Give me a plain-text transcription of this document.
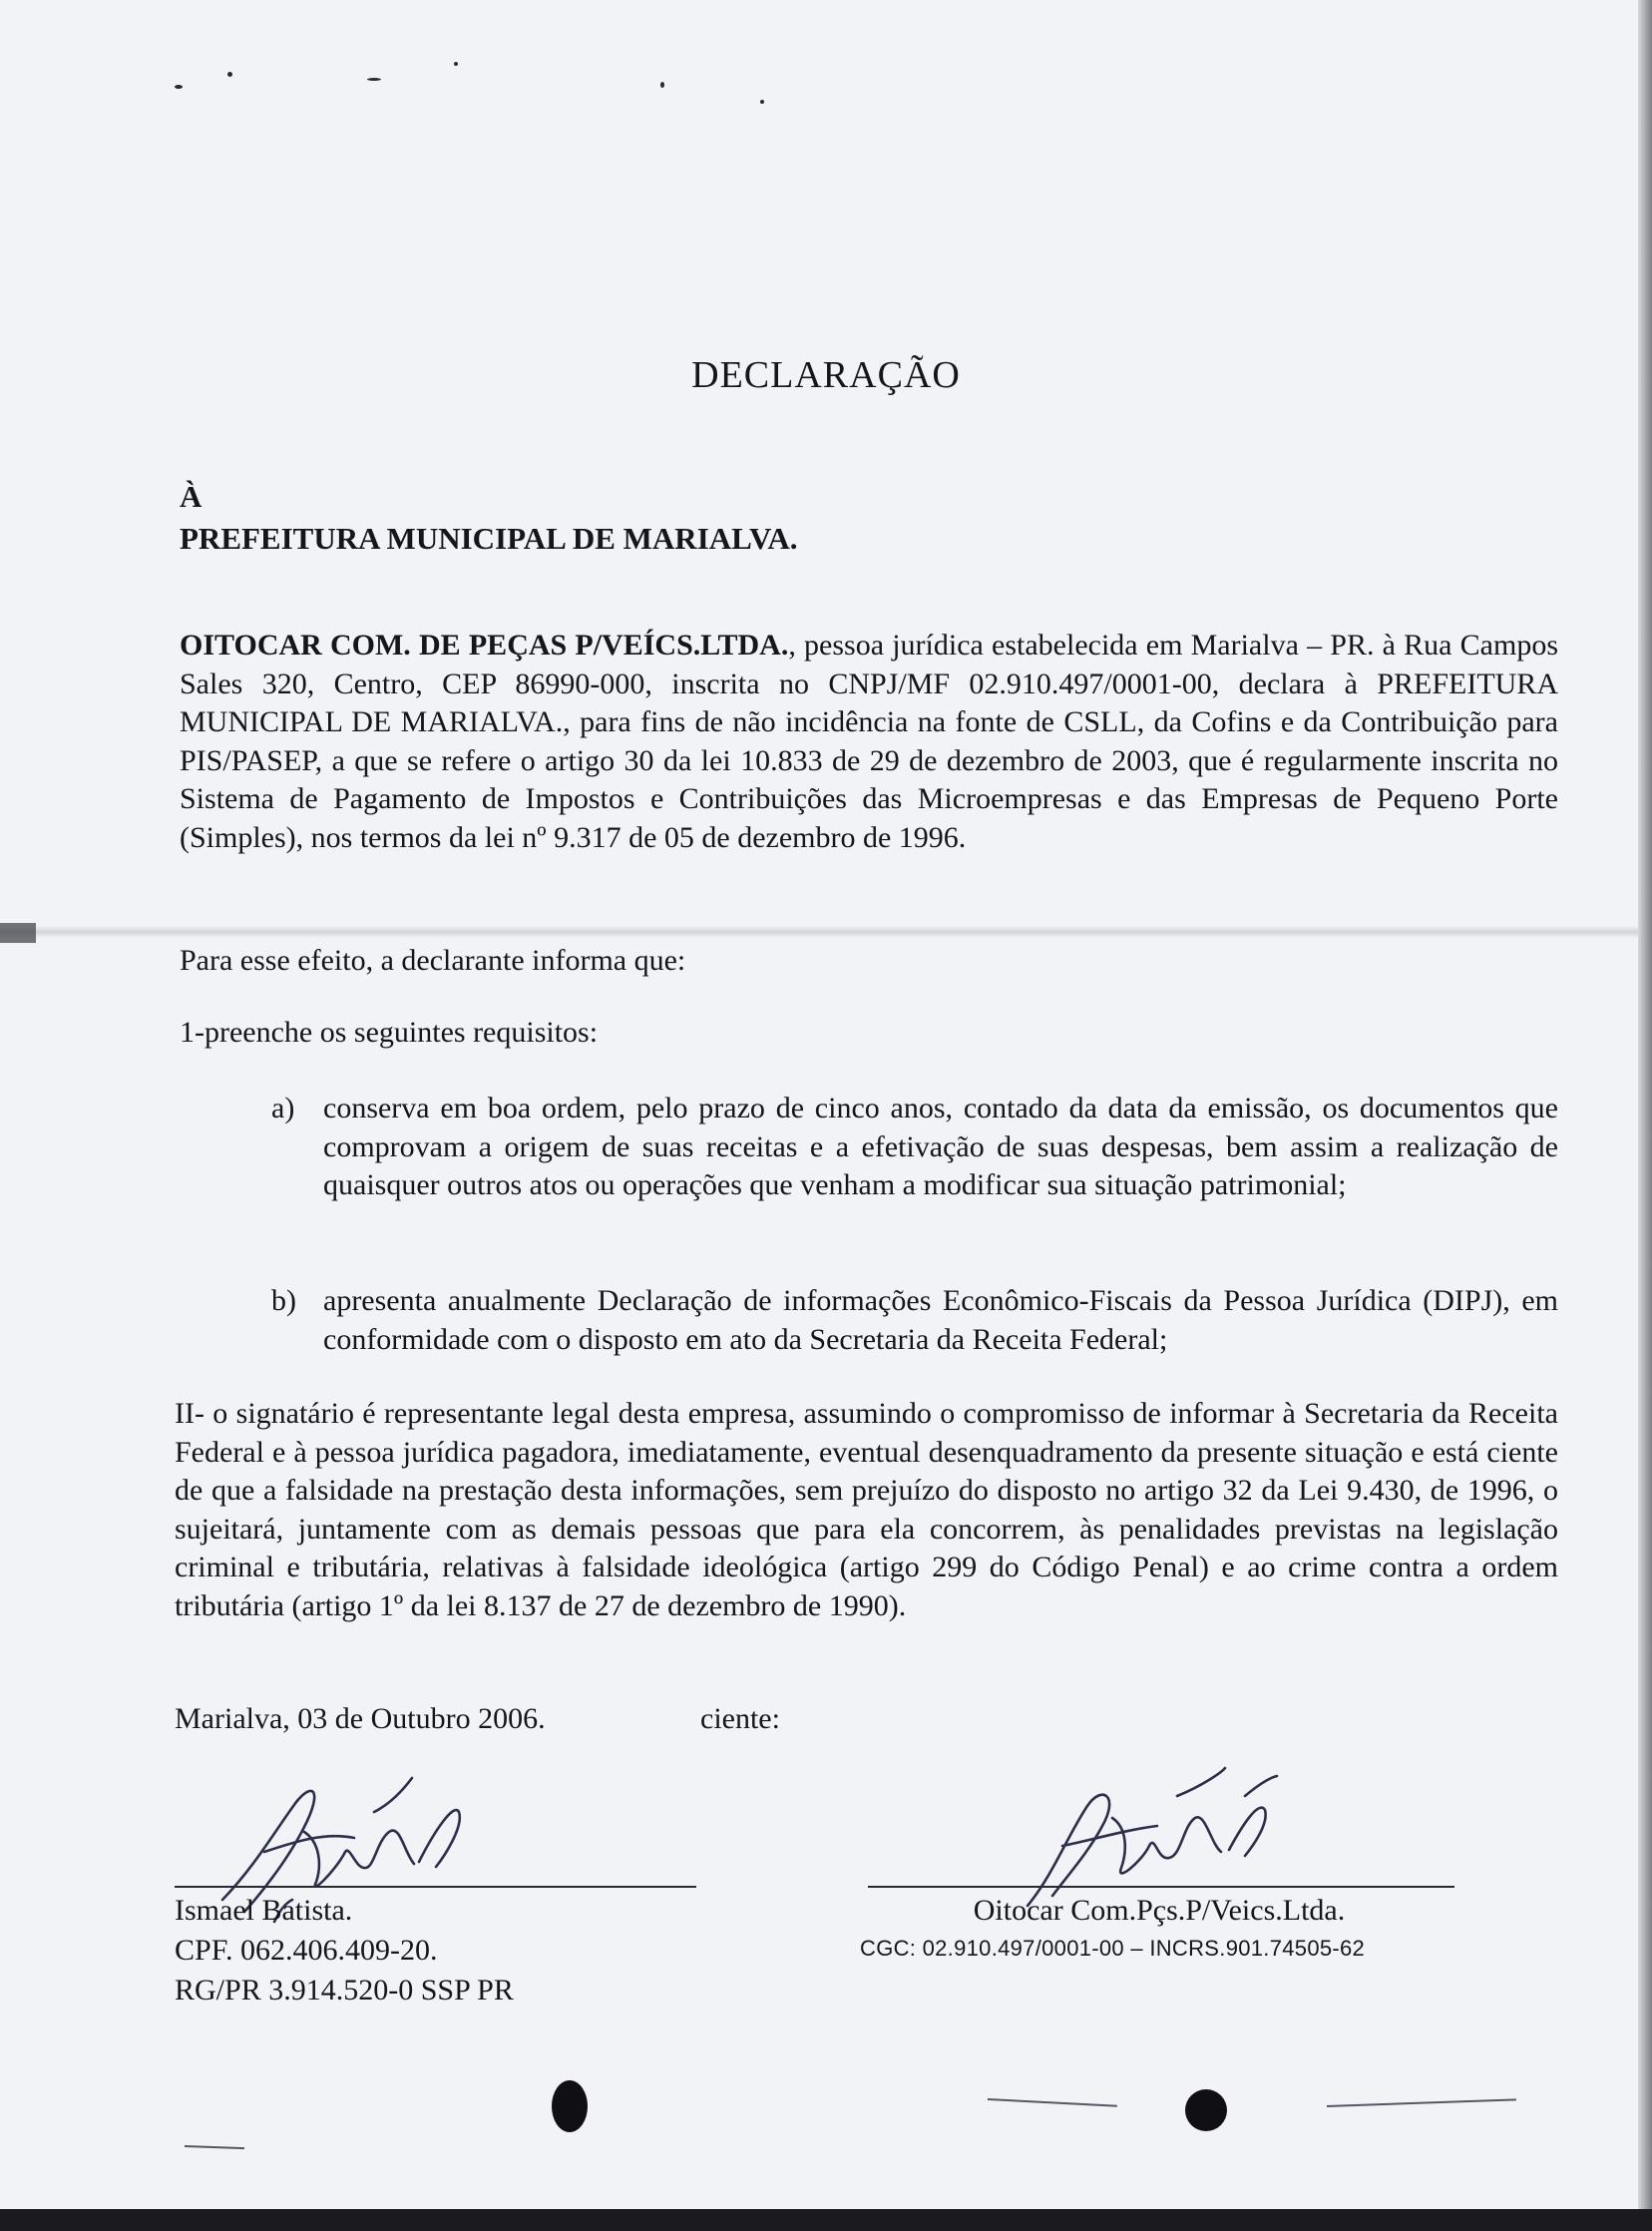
DECLARAÇÃO
À
PREFEITURA MUNICIPAL DE MARIALVA.
OITOCAR COM. DE PEÇAS P/VEÍCS.LTDA., pessoa jurídica estabelecida em Marialva – PR. à Rua Campos Sales 320, Centro, CEP 86990-000, inscrita no CNPJ/MF 02.910.497/0001-00, declara à PREFEITURA MUNICIPAL DE MARIALVA., para fins de não incidência na fonte de CSLL, da Cofins e da Contribuição para PIS/PASEP, a que se refere o artigo 30 da lei 10.833 de 29 de dezembro de 2003, que é regularmente inscrita no Sistema de Pagamento de Impostos e Contribuições das Microempresas e das Empresas de Pequeno Porte (Simples), nos termos da lei nº 9.317 de 05 de dezembro de 1996.
Para esse efeito, a declarante informa que:
1-preenche os seguintes requisitos:
a) conserva em boa ordem, pelo prazo de cinco anos, contado da data da emissão, os documentos que comprovam a origem de suas receitas e a efetivação de suas despesas, bem assim a realização de quaisquer outros atos ou operações que venham a modificar sua situação patrimonial;
b) apresenta anualmente Declaração de informações Econômico-Fiscais da Pessoa Jurídica (DIPJ), em conformidade com o disposto em ato da Secretaria da Receita Federal;
II- o signatário é representante legal desta empresa, assumindo o compromisso de informar à Secretaria da Receita Federal e à pessoa jurídica pagadora, imediatamente, eventual desenquadramento da presente situação e está ciente de que a falsidade na prestação desta informações, sem prejuízo do disposto no artigo 32 da Lei 9.430, de 1996, o sujeitará, juntamente com as demais pessoas que para ela concorrem, às penalidades previstas na legislação criminal e tributária, relativas à falsidade ideológica (artigo 299 do Código Penal) e ao crime contra a ordem tributária (artigo 1º da lei 8.137 de 27 de dezembro de 1990).
Marialva, 03 de Outubro 2006.	ciente:
Ismael Batista.
CPF. 062.406.409-20.
RG/PR 3.914.520-0 SSP PR
Oitocar Com.Pçs.P/Veics.Ltda.
CGC: 02.910.497/0001-00 – INCRS.901.74505-62
